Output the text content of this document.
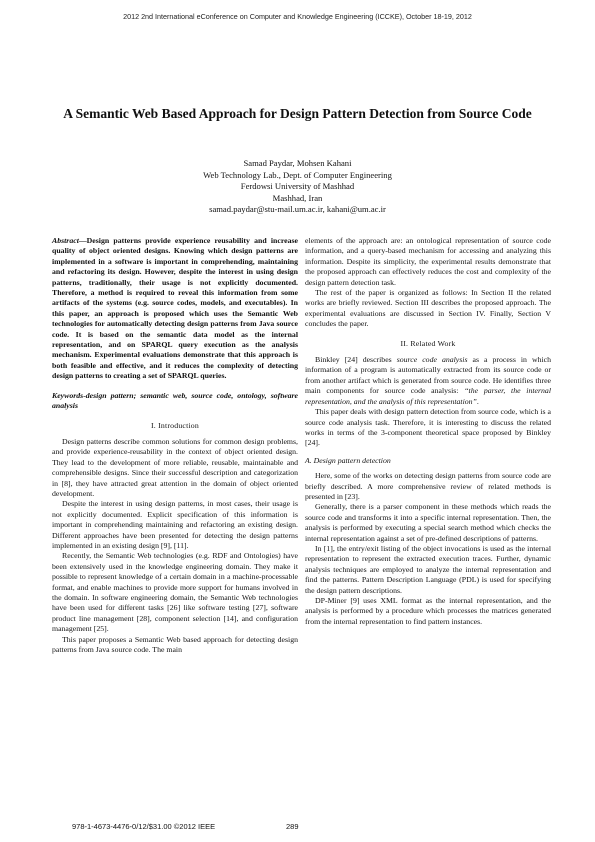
2012 2nd International eConference on Computer and Knowledge Engineering (ICCKE), October 18-19, 2012
A Semantic Web Based Approach for Design Pattern Detection from Source Code
Samad Paydar, Mohsen Kahani
Web Technology Lab., Dept. of Computer Engineering
Ferdowsi University of Mashhad
Mashhad, Iran
samad.paydar@stu-mail.um.ac.ir, kahani@um.ac.ir

Abstract—Design patterns provide experience reusability and increase quality of object oriented designs. Knowing which design patterns are implemented in a software is important in comprehending, maintaining and refactoring its design. However, despite the interest in using design patterns, traditionally, their usage is not explicitly documented. Therefore, a method is required to reveal this information from some artifacts of the systems (e.g. source codes, models, and executables). In this paper, an approach is proposed which uses the Semantic Web technologies for automatically detecting design patterns from Java source code. It is based on the semantic data model as the internal representation, and on SPARQL query execution as the analysis mechanism. Experimental evaluations demonstrate that this approach is both feasible and effective, and it reduces the complexity of detecting design patterns to creating a set of SPARQL queries.

Keywords-design pattern; semantic web, source code, ontology, software analysis

I. Introduction

Design patterns describe common solutions for common design problems, and provide experience-reusability in the context of object oriented design. They lead to the development of more reliable, reusable, maintainable and comprehensible designs. Since their successful description and categorization in [8], they have attracted great attention in the domain of object oriented development.

Despite the interest in using design patterns, in most cases, their usage is not explicitly documented. Explicit specification of this information is important in comprehending maintaining and refactoring an existing design. Different approaches have been presented for detecting the design patterns implemented in an existing design [9], [11].

Recently, the Semantic Web technologies (e.g. RDF and Ontologies) have been extensively used in the knowledge engineering domain. They make it possible to represent knowledge of a certain domain in a machine-processable format, and enable machines to provide more support for humans involved in the domain. In software engineering domain, the Semantic Web technologies have been used for different tasks [26] like software testing [27], software product line management [28], component selection [14], and configuration management [25].

This paper proposes a Semantic Web based approach for detecting design patterns from Java source code. The main

elements of the approach are: an ontological representation of source code information, and a query-based mechanism for accessing and analyzing this information. Despite its simplicity, the experimental results demonstrate that the proposed approach can effectively reduces the cost and complexity of the design pattern detection task.

The rest of the paper is organized as follows: In Section II the related works are briefly reviewed. Section III describes the proposed approach. The experimental evaluations are discussed in Section IV. Finally, Section V concludes the paper.

II. Related Work

Binkley [24] describes source code analysis as a process in which information of a program is automatically extracted from its source code or from another artifact which is generated from source code. He identifies three main components for source code analysis: “the parser, the internal representation, and the analysis of this representation”.

This paper deals with design pattern detection from source code, which is a source code analysis task. Therefore, it is interesting to discuss the related works in terms of the 3-component theoretical space proposed by Binkley [24].

A. Design pattern detection

Here, some of the works on detecting design patterns from source code are briefly described. A more comprehensive review of related methods is presented in [23].

Generally, there is a parser component in these methods which reads the source code and transforms it into a specific internal representation. Then, the analysis is performed by executing a special search method which checks the internal representation against a set of pre-defined descriptions of patterns.

In [1], the entry/exit listing of the object invocations is used as the internal representation to represent the extracted execution traces. Further, dynamic analysis techniques are employed to analyze the internal representation and find the patterns. Pattern Description Language (PDL) is used for specifying the design pattern descriptions.

DP-Miner [9] uses XML format as the internal representation, and the analysis is performed by a procedure which processes the matrices generated from the internal representation to find pattern instances.

978-1-4673-4476-0/12/$31.00 ©2012 IEEE	289
